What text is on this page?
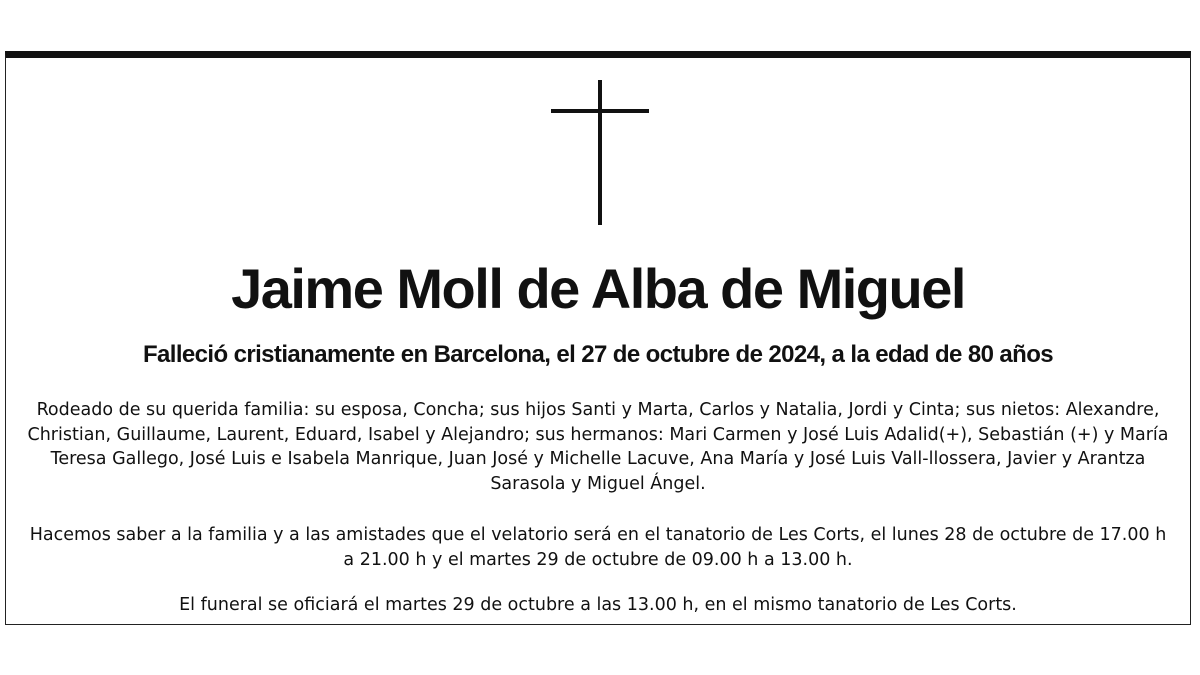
Jaime Moll de Alba de Miguel
Falleció cristianamente en Barcelona, el 27 de octubre de 2024, a la edad de 80 años

Rodeado de su querida familia: su esposa, Concha; sus hijos Santi y Marta, Carlos y Natalia, Jordi y Cinta; sus nietos: Alexandre, Christian, Guillaume, Laurent, Eduard, Isabel y Alejandro; sus hermanos: Mari Carmen y José Luis Adalid(+), Sebastián (+) y María Teresa Gallego, José Luis e Isabela Manrique, Juan José y Michelle Lacuve, Ana María y José Luis Vall-llossera, Javier y Arantza Sarasola y Miguel Ángel.

Hacemos saber a la familia y a las amistades que el velatorio será en el tanatorio de Les Corts, el lunes 28 de octubre de 17.00 h a 21.00 h y el martes 29 de octubre de 09.00 h a 13.00 h.

El funeral se oficiará el martes 29 de octubre a las 13.00 h, en el mismo tanatorio de Les Corts.
